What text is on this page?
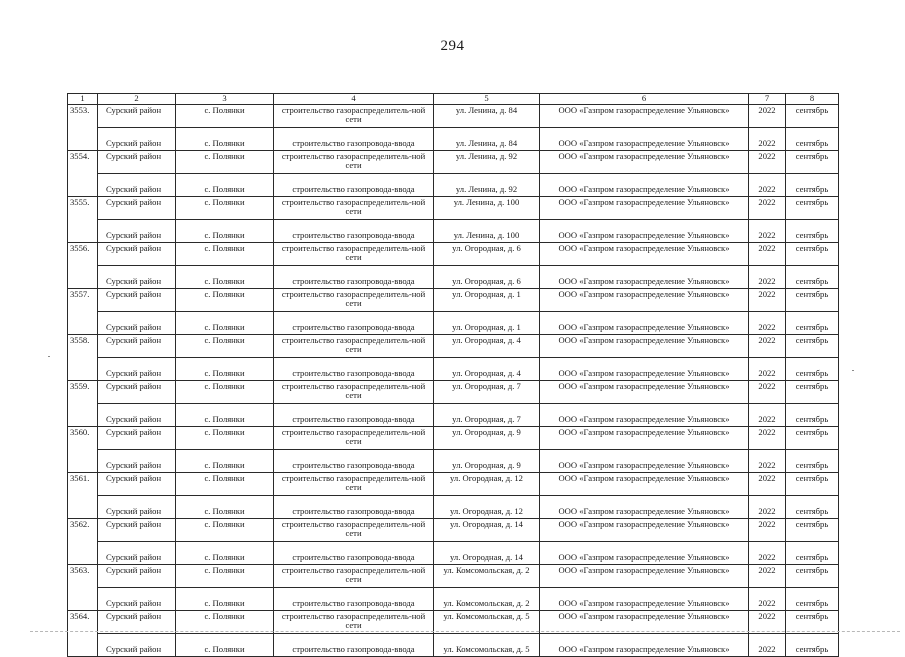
294
1	2	3	4	5	6	7	8
3553.	Сурский район	с. Полянки	строительство газораспределитель-ной сети	ул. Ленина, д. 84	ООО «Газпром газораспределение Ульяновск»	2022	сентябрь
	Сурский район	с. Полянки	строительство газопровода-ввода	ул. Ленина, д. 84	ООО «Газпром газораспределение Ульяновск»	2022	сентябрь
3554.	Сурский район	с. Полянки	строительство газораспределитель-ной сети	ул. Ленина, д. 92	ООО «Газпром газораспределение Ульяновск»	2022	сентябрь
	Сурский район	с. Полянки	строительство газопровода-ввода	ул. Ленина, д. 92	ООО «Газпром газораспределение Ульяновск»	2022	сентябрь
3555.	Сурский район	с. Полянки	строительство газораспределитель-ной сети	ул. Ленина, д. 100	ООО «Газпром газораспределение Ульяновск»	2022	сентябрь
	Сурский район	с. Полянки	строительство газопровода-ввода	ул. Ленина, д. 100	ООО «Газпром газораспределение Ульяновск»	2022	сентябрь
3556.	Сурский район	с. Полянки	строительство газораспределитель-ной сети	ул. Огородная, д. 6	ООО «Газпром газораспределение Ульяновск»	2022	сентябрь
	Сурский район	с. Полянки	строительство газопровода-ввода	ул. Огородная, д. 6	ООО «Газпром газораспределение Ульяновск»	2022	сентябрь
3557.	Сурский район	с. Полянки	строительство газораспределитель-ной сети	ул. Огородная, д. 1	ООО «Газпром газораспределение Ульяновск»	2022	сентябрь
	Сурский район	с. Полянки	строительство газопровода-ввода	ул. Огородная, д. 1	ООО «Газпром газораспределение Ульяновск»	2022	сентябрь
3558.	Сурский район	с. Полянки	строительство газораспределитель-ной сети	ул. Огородная, д. 4	ООО «Газпром газораспределение Ульяновск»	2022	сентябрь
	Сурский район	с. Полянки	строительство газопровода-ввода	ул. Огородная, д. 4	ООО «Газпром газораспределение Ульяновск»	2022	сентябрь
3559.	Сурский район	с. Полянки	строительство газораспределитель-ной сети	ул. Огородная, д. 7	ООО «Газпром газораспределение Ульяновск»	2022	сентябрь
	Сурский район	с. Полянки	строительство газопровода-ввода	ул. Огородная, д. 7	ООО «Газпром газораспределение Ульяновск»	2022	сентябрь
3560.	Сурский район	с. Полянки	строительство газораспределитель-ной сети	ул. Огородная, д. 9	ООО «Газпром газораспределение Ульяновск»	2022	сентябрь
	Сурский район	с. Полянки	строительство газопровода-ввода	ул. Огородная, д. 9	ООО «Газпром газораспределение Ульяновск»	2022	сентябрь
3561.	Сурский район	с. Полянки	строительство газораспределитель-ной сети	ул. Огородная, д. 12	ООО «Газпром газораспределение Ульяновск»	2022	сентябрь
	Сурский район	с. Полянки	строительство газопровода-ввода	ул. Огородная, д. 12	ООО «Газпром газораспределение Ульяновск»	2022	сентябрь
3562.	Сурский район	с. Полянки	строительство газораспределитель-ной сети	ул. Огородная, д. 14	ООО «Газпром газораспределение Ульяновск»	2022	сентябрь
	Сурский район	с. Полянки	строительство газопровода-ввода	ул. Огородная, д. 14	ООО «Газпром газораспределение Ульяновск»	2022	сентябрь
3563.	Сурский район	с. Полянки	строительство газораспределитель-ной сети	ул. Комсомольская, д. 2	ООО «Газпром газораспределение Ульяновск»	2022	сентябрь
	Сурский район	с. Полянки	строительство газопровода-ввода	ул. Комсомольская, д. 2	ООО «Газпром газораспределение Ульяновск»	2022	сентябрь
3564.	Сурский район	с. Полянки	строительство газораспределитель-ной сети	ул. Комсомольская, д. 5	ООО «Газпром газораспределение Ульяновск»	2022	сентябрь
	Сурский район	с. Полянки	строительство газопровода-ввода	ул. Комсомольская, д. 5	ООО «Газпром газораспределение Ульяновск»	2022	сентябрь
